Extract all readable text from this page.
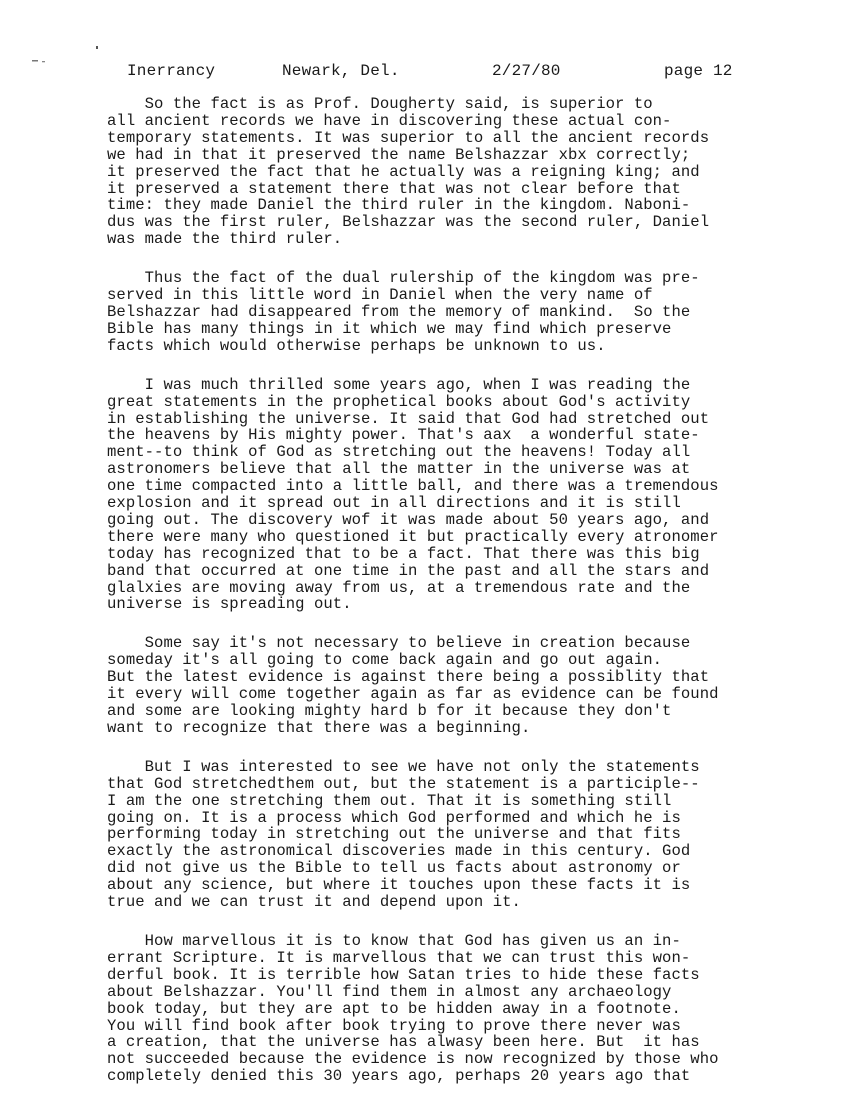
Inerrancy	Newark, Del.	2/27/80	page 12
So the fact is as Prof. Dougherty said, is superior to
all ancient records we have in discovering these actual con-
temporary statements. It was superior to all the ancient records
we had in that it preserved the name Belshazzar xbx correctly;
it preserved the fact that he actually was a reigning king; and
it preserved a statement there that was not clear before that
time: they made Daniel the third ruler in the kingdom. Naboni-
dus was the first ruler, Belshazzar was the second ruler, Daniel
was made the third ruler.
Thus the fact of the dual rulership of the kingdom was pre-
served in this little word in Daniel when the very name of
Belshazzar had disappeared from the memory of mankind.  So the
Bible has many things in it which we may find which preserve
facts which would otherwise perhaps be unknown to us.
I was much thrilled some years ago, when I was reading the
great statements in the prophetical books about God's activity
in establishing the universe. It said that God had stretched out
the heavens by His mighty power. That's aax  a wonderful state-
ment--to think of God as stretching out the heavens! Today all
astronomers believe that all the matter in the universe was at
one time compacted into a little ball, and there was a tremendous
explosion and it spread out in all directions and it is still
going out. The discovery wof it was made about 50 years ago, and
there were many who questioned it but practically every atronomer
today has recognized that to be a fact. That there was this big
band that occurred at one time in the past and all the stars and
glalxies are moving away from us, at a tremendous rate and the
universe is spreading out.
Some say it's not necessary to believe in creation because
someday it's all going to come back again and go out again.
But the latest evidence is against there being a possiblity that
it every will come together again as far as evidence can be found
and some are looking mighty hard b for it because they don't
want to recognize that there was a beginning.
But I was interested to see we have not only the statements
that God stretchedthem out, but the statement is a participle--
I am the one stretching them out. That it is something still
going on. It is a process which God performed and which he is
performing today in stretching out the universe and that fits
exactly the astronomical discoveries made in this century. God
did not give us the Bible to tell us facts about astronomy or
about any science, but where it touches upon these facts it is
true and we can trust it and depend upon it.
How marvellous it is to know that God has given us an in-
errant Scripture. It is marvellous that we can trust this won-
derful book. It is terrible how Satan tries to hide these facts
about Belshazzar. You'll find them in almost any archaeology
book today, but they are apt to be hidden away in a footnote.
You will find book after book trying to prove there never was
a creation, that the universe has alwasy been here. But  it has
not succeeded because the evidence is now recognized by those who
completely denied this 30 years ago, perhaps 20 years ago that
